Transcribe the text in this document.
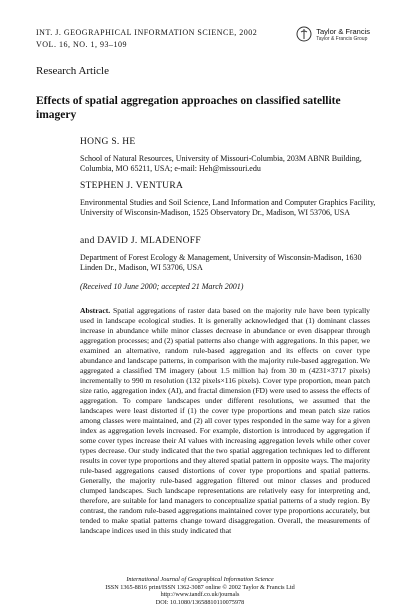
INT. J. GEOGRAPHICAL INFORMATION SCIENCE, 2002
VOL. 16, NO. 1, 93–109
Taylor & Francis
Taylor & Francis Group
Research Article
Effects of spatial aggregation approaches on classified satellite imagery
HONG S. HE
School of Natural Resources, University of Missouri-Columbia, 203M ABNR Building, Columbia, MO 65211, USA; e-mail: Heh@missouri.edu
STEPHEN J. VENTURA
Environmental Studies and Soil Science, Land Information and Computer Graphics Facility, University of Wisconsin-Madison, 1525 Observatory Dr., Madison, WI 53706, USA
and DAVID J. MLADENOFF
Department of Forest Ecology & Management, University of Wisconsin-Madison, 1630 Linden Dr., Madison, WI 53706, USA
(Received 10 June 2000; accepted 21 March 2001)
Abstract. Spatial aggregations of raster data based on the majority rule have been typically used in landscape ecological studies. It is generally acknowledged that (1) dominant classes increase in abundance while minor classes decrease in abundance or even disappear through aggregation processes; and (2) spatial patterns also change with aggregations. In this paper, we examined an alternative, random rule-based aggregation and its effects on cover type abundance and landscape patterns, in comparison with the majority rule-based aggregation. We aggregated a classified TM imagery (about 1.5 million ha) from 30 m (4231×3717 pixels) incrementally to 990 m resolution (132 pixels×116 pixels). Cover type proportion, mean patch size ratio, aggregation index (AI), and fractal dimension (FD) were used to assess the effects of aggregation. To compare landscapes under different resolutions, we assumed that the landscapes were least distorted if (1) the cover type proportions and mean patch size ratios among classes were maintained, and (2) all cover types responded in the same way for a given index as aggregation levels increased. For example, distortion is introduced by aggregation if some cover types increase their AI values with increasing aggregation levels while other cover types decrease. Our study indicated that the two spatial aggregation techniques led to different results in cover type proportions and they altered spatial pattern in opposite ways. The majority rule-based aggregations caused distortions of cover type proportions and spatial patterns. Generally, the majority rule-based aggregation filtered out minor classes and produced clumped landscapes. Such landscape representations are relatively easy for interpreting and, therefore, are suitable for land managers to conceptualize spatial patterns of a study region. By contrast, the random rule-based aggregations maintained cover type proportions accurately, but tended to make spatial patterns change toward disaggregation. Overall, the measurements of landscape indices used in this study indicated that
International Journal of Geographical Information Science
ISSN 1365-8816 print/ISSN 1362-3087 online © 2002 Taylor & Francis Ltd
http://www.tandf.co.uk/journals
DOI: 10.1080/13658810110075978
